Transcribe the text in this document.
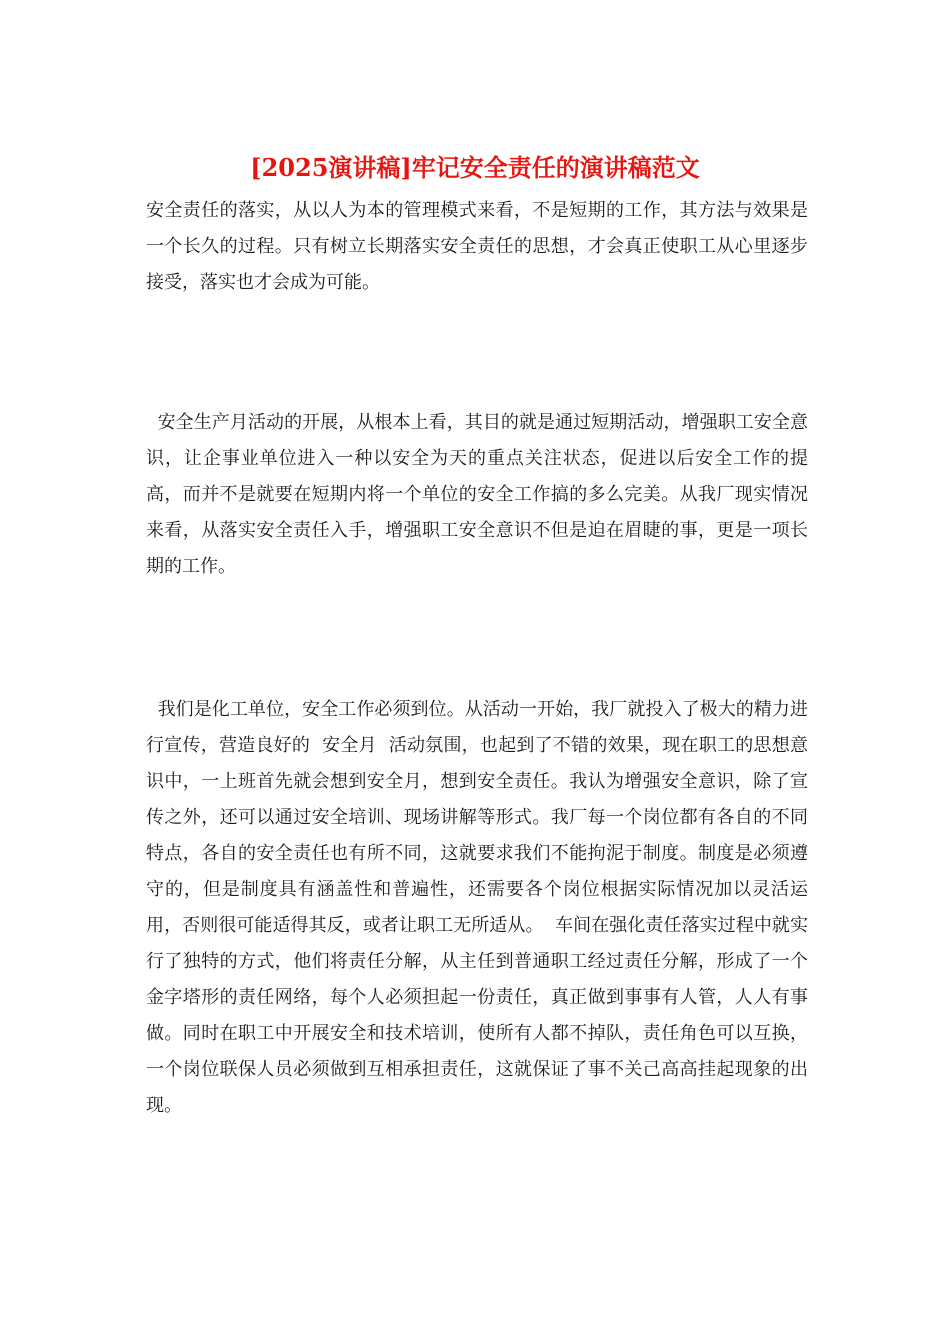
[2025演讲稿]牢记安全责任的演讲稿范文

安全责任的落实，从以人为本的管理模式来看，不是短期的工作，其方法与效果是一个长久的过程。只有树立长期落实安全责任的思想，才会真正使职工从心里逐步接受，落实也才会成为可能。

安全生产月活动的开展，从根本上看，其目的就是通过短期活动，增强职工安全意识，让企事业单位进入一种以安全为天的重点关注状态，促进以后安全工作的提高，而并不是就要在短期内将一个单位的安全工作搞的多么完美。从我厂现实情况来看，从落实安全责任入手，增强职工安全意识不但是迫在眉睫的事，更是一项长期的工作。

我们是化工单位，安全工作必须到位。从活动一开始，我厂就投入了极大的精力进行宣传，营造良好的  安全月  活动氛围，也起到了不错的效果，现在职工的思想意识中，一上班首先就会想到安全月，想到安全责任。我认为增强安全意识，除了宣传之外，还可以通过安全培训、现场讲解等形式。我厂每一个岗位都有各自的不同特点，各自的安全责任也有所不同，这就要求我们不能拘泥于制度。制度是必须遵守的，但是制度具有涵盖性和普遍性，还需要各个岗位根据实际情况加以灵活运用，否则很可能适得其反，或者让职工无所适从。  车间在强化责任落实过程中就实行了独特的方式，他们将责任分解，从主任到普通职工经过责任分解，形成了一个金字塔形的责任网络，每个人必须担起一份责任，真正做到事事有人管，人人有事做。同时在职工中开展安全和技术培训，使所有人都不掉队，责任角色可以互换，一个岗位联保人员必须做到互相承担责任，这就保证了事不关己高高挂起现象的出现。
